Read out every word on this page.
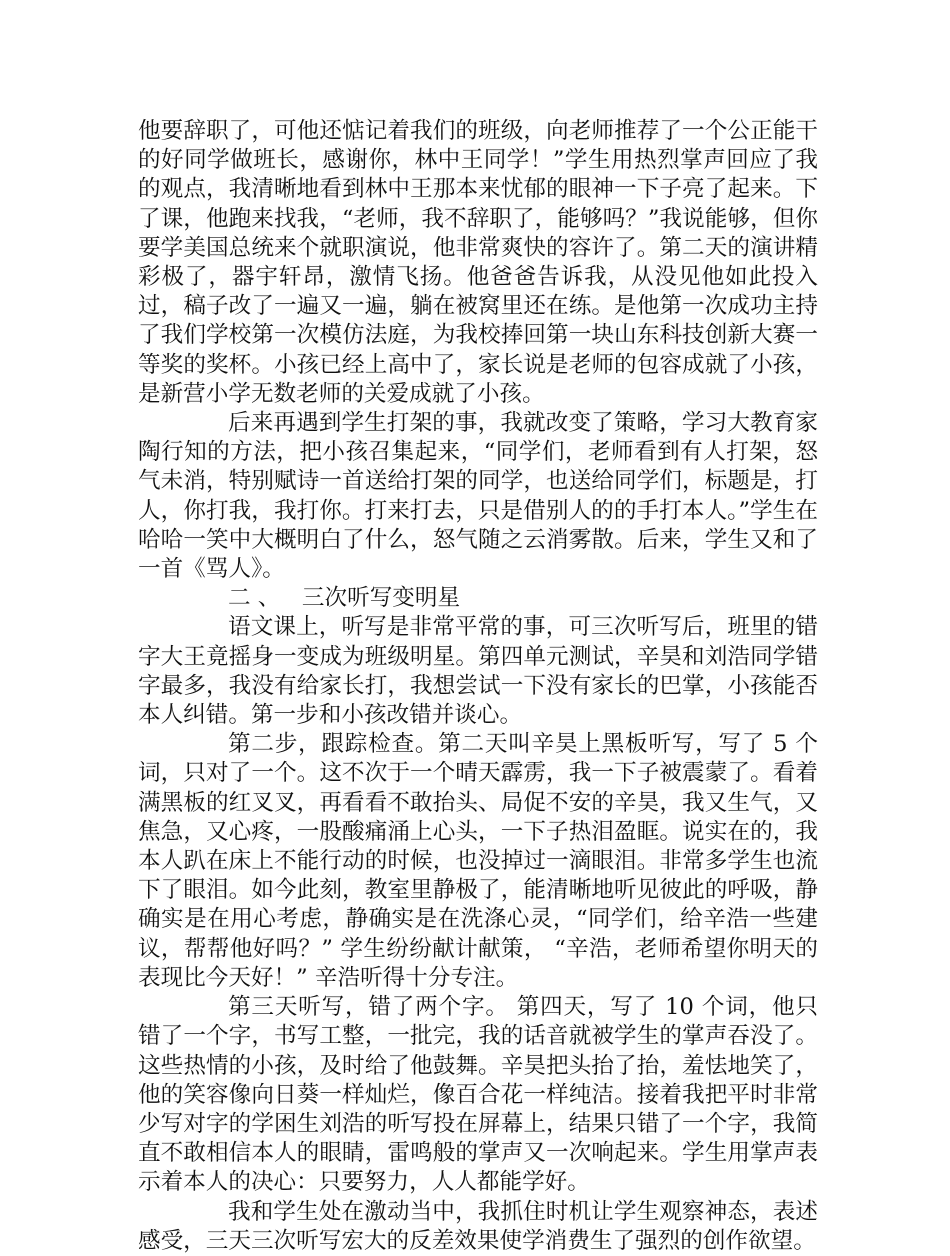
他要辞职了，可他还惦记着我们的班级，向老师推荐了一个公正能干的好同学做班长，感谢你，林中王同学！”学生用热烈掌声回应了我的观点，我清晰地看到林中王那本来忧郁的眼神一下子亮了起来。下了课，他跑来找我，“老师，我不辞职了，能够吗？”我说能够，但你要学美国总统来个就职演说，他非常爽快的容许了。第二天的演讲精彩极了，器宇轩昂，激情飞扬。他爸爸告诉我，从没见他如此投入过，稿子改了一遍又一遍，躺在被窝里还在练。是他第一次成功主持了我们学校第一次模仿法庭，为我校捧回第一块山东科技创新大赛一等奖的奖杯。小孩已经上高中了，家长说是老师的包容成就了小孩，是新营小学无数老师的关爱成就了小孩。

后来再遇到学生打架的事，我就改变了策略，学习大教育家陶行知的方法，把小孩召集起来，“同学们，老师看到有人打架，怒气未消，特别赋诗一首送给打架的同学，也送给同学们，标题是，打人，你打我，我打你。打来打去，只是借别人的的手打本人。”学生在哈哈一笑中大概明白了什么，怒气随之云消雾散。后来，学生又和了一首《骂人》。

二 、   三次听写变明星

语文课上，听写是非常平常的事，可三次听写后，班里的错字大王竟摇身一变成为班级明星。第四单元测试，辛昊和刘浩同学错字最多，我没有给家长打，我想尝试一下没有家长的巴掌，小孩能否本人纠错。第一步和小孩改错并谈心。

第二步，跟踪检查。第二天叫辛昊上黑板听写，写了 5 个词，只对了一个。这不次于一个晴天霹雳，我一下子被震蒙了。看着满黑板的红叉叉，再看看不敢抬头、局促不安的辛昊，我又生气，又焦急，又心疼，一股酸痛涌上心头，一下子热泪盈眶。说实在的，我本人趴在床上不能行动的时候，也没掉过一滴眼泪。非常多学生也流下了眼泪。如今此刻，教室里静极了，能清晰地听见彼此的呼吸，静确实是在用心考虑，静确实是在洗涤心灵，“同学们，给辛浩一些建议，帮帮他好吗？” 学生纷纷献计献策， “辛浩，老师希望你明天的表现比今天好！” 辛浩听得十分专注。

第三天听写，错了两个字。 第四天，写了 10 个词，他只错了一个字，书写工整，一批完，我的话音就被学生的掌声吞没了。这些热情的小孩，及时给了他鼓舞。辛昊把头抬了抬，羞怯地笑了，他的笑容像向日葵一样灿烂，像百合花一样纯洁。接着我把平时非常少写对字的学困生刘浩的听写投在屏幕上，结果只错了一个字，我简直不敢相信本人的眼睛，雷鸣般的掌声又一次响起来。学生用掌声表示着本人的决心：只要努力，人人都能学好。

我和学生处在激动当中，我抓住时机让学生观察神态，表述感受，三天三次听写宏大的反差效果使学消费生了强烈的创作欲望。
